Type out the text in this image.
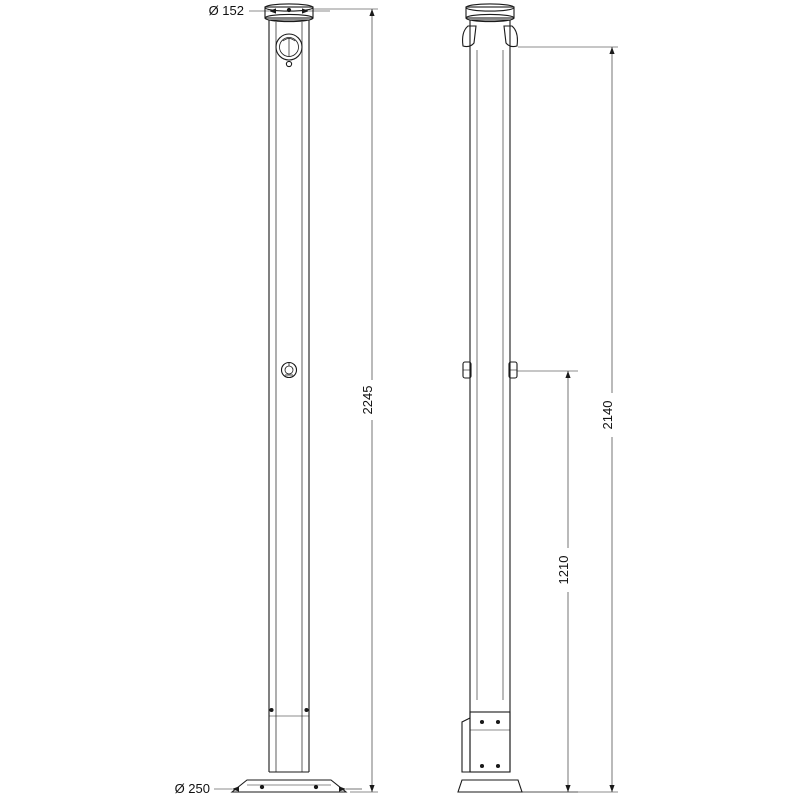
Ø 152
Ø 250
2245
2140
1210
